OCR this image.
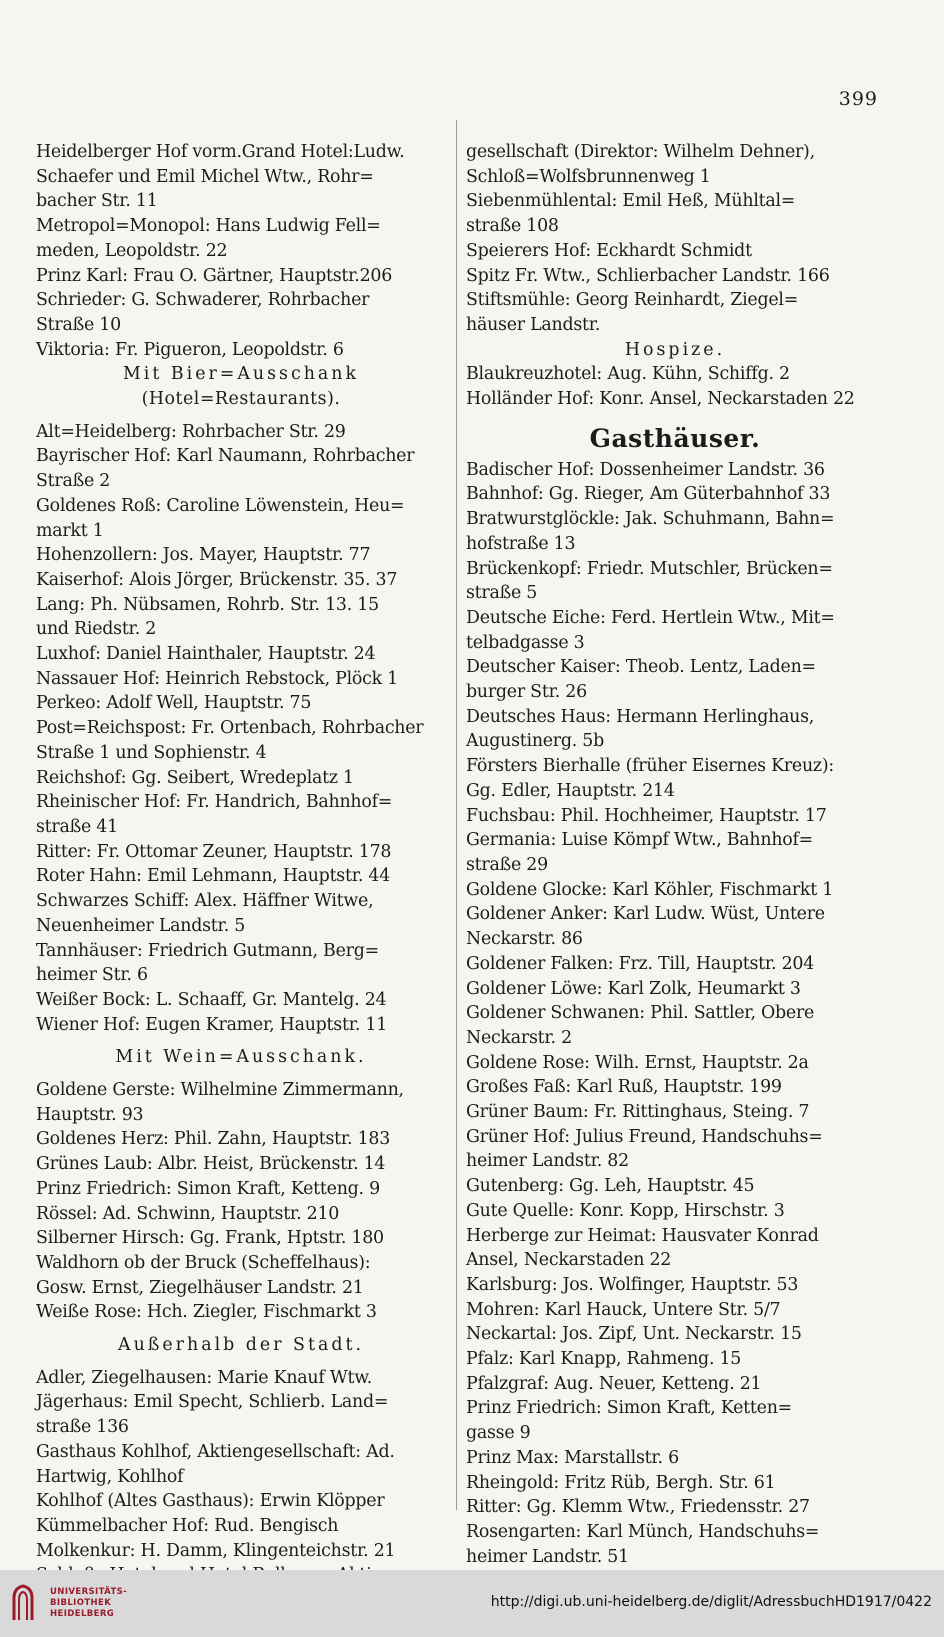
399
Heidelberger Hof vorm.Grand Hotel:Ludw.
Schaefer und Emil Michel Wtw., Rohr=
bacher Str. 11
Metropol=Monopol: Hans Ludwig Fell=
meden, Leopoldstr. 22
Prinz Karl: Frau O. Gärtner, Hauptstr.206
Schrieder: G. Schwaderer, Rohrbacher
Straße 10
Viktoria: Fr. Pigueron, Leopoldstr. 6
Mit Bier=Ausschank
(Hotel=Restaurants).
Alt=Heidelberg: Rohrbacher Str. 29
Bayrischer Hof: Karl Naumann, Rohrbacher
Straße 2
Goldenes Roß: Caroline Löwenstein, Heu=
markt 1
Hohenzollern: Jos. Mayer, Hauptstr. 77
Kaiserhof: Alois Jörger, Brückenstr. 35. 37
Lang: Ph. Nübsamen, Rohrb. Str. 13. 15
und Riedstr. 2
Luxhof: Daniel Hainthaler, Hauptstr. 24
Nassauer Hof: Heinrich Rebstock, Plöck 1
Perkeo: Adolf Well, Hauptstr. 75
Post=Reichspost: Fr. Ortenbach, Rohrbacher
Straße 1 und Sophienstr. 4
Reichshof: Gg. Seibert, Wredeplatz 1
Rheinischer Hof: Fr. Handrich, Bahnhof=
straße 41
Ritter: Fr. Ottomar Zeuner, Hauptstr. 178
Roter Hahn: Emil Lehmann, Hauptstr. 44
Schwarzes Schiff: Alex. Häffner Witwe,
Neuenheimer Landstr. 5
Tannhäuser: Friedrich Gutmann, Berg=
heimer Str. 6
Weißer Bock: L. Schaaff, Gr. Mantelg. 24
Wiener Hof: Eugen Kramer, Hauptstr. 11
Mit Wein=Ausschank.
Goldene Gerste: Wilhelmine Zimmermann,
Hauptstr. 93
Goldenes Herz: Phil. Zahn, Hauptstr. 183
Grünes Laub: Albr. Heist, Brückenstr. 14
Prinz Friedrich: Simon Kraft, Ketteng. 9
Rössel: Ad. Schwinn, Hauptstr. 210
Silberner Hirsch: Gg. Frank, Hptstr. 180
Waldhorn ob der Bruck (Scheffelhaus):
Gosw. Ernst, Ziegelhäuser Landstr. 21
Weiße Rose: Hch. Ziegler, Fischmarkt 3
Außerhalb der Stadt.
Adler, Ziegelhausen: Marie Knauf Wtw.
Jägerhaus: Emil Specht, Schlierb. Land=
straße 136
Gasthaus Kohlhof, Aktiengesellschaft: Ad.
Hartwig, Kohlhof
Kohlhof (Altes Gasthaus): Erwin Klöpper
Kümmelbacher Hof: Rud. Bengisch
Molkenkur: H. Damm, Klingenteichstr. 21
gesellschaft (Direktor: Wilhelm Dehner),
Schloß=Wolfsbrunnenweg 1
Siebenmühlental: Emil Heß, Mühltal=
straße 108
Speierers Hof: Eckhardt Schmidt
Spitz Fr. Wtw., Schlierbacher Landstr. 166
Stiftsmühle: Georg Reinhardt, Ziegel=
häuser Landstr.
Hospize.
Blaukreuzhotel: Aug. Kühn, Schiffg. 2
Holländer Hof: Konr. Ansel, Neckarstaden 22
Gasthäuser.
Badischer Hof: Dossenheimer Landstr. 36
Bahnhof: Gg. Rieger, Am Güterbahnhof 33
Bratwurstglöckle: Jak. Schuhmann, Bahn=
hofstraße 13
Brückenkopf: Friedr. Mutschler, Brücken=
straße 5
Deutsche Eiche: Ferd. Hertlein Wtw., Mit=
telbadgasse 3
Deutscher Kaiser: Theob. Lentz, Laden=
burger Str. 26
Deutsches Haus: Hermann Herlinghaus,
Augustinerg. 5b
Försters Bierhalle (früher Eisernes Kreuz):
Gg. Edler, Hauptstr. 214
Fuchsbau: Phil. Hochheimer, Hauptstr. 17
Germania: Luise Kömpf Wtw., Bahnhof=
straße 29
Goldene Glocke: Karl Köhler, Fischmarkt 1
Goldener Anker: Karl Ludw. Wüst, Untere
Neckarstr. 86
Goldener Falken: Frz. Till, Hauptstr. 204
Goldener Löwe: Karl Zolk, Heumarkt 3
Goldener Schwanen: Phil. Sattler, Obere
Neckarstr. 2
Goldene Rose: Wilh. Ernst, Hauptstr. 2a
Großes Faß: Karl Ruß, Hauptstr. 199
Grüner Baum: Fr. Rittinghaus, Steing. 7
Grüner Hof: Julius Freund, Handschuhs=
heimer Landstr. 82
Gutenberg: Gg. Leh, Hauptstr. 45
Gute Quelle: Konr. Kopp, Hirschstr. 3
Herberge zur Heimat: Hausvater Konrad
Ansel, Neckarstaden 22
Karlsburg: Jos. Wolfinger, Hauptstr. 53
Mohren: Karl Hauck, Untere Str. 5/7
Neckartal: Jos. Zipf, Unt. Neckarstr. 15
Pfalz: Karl Knapp, Rahmeng. 15
Pfalzgraf: Aug. Neuer, Ketteng. 21
Prinz Friedrich: Simon Kraft, Ketten=
gasse 9
Prinz Max: Marstallstr. 6
Rheingold: Fritz Rüb, Bergh. Str. 61
Ritter: Gg. Klemm Wtw., Friedensstr. 27
Rosengarten: Karl Münch, Handschuhs=
heimer Landstr. 51
UNIVERSITÄTS-
BIBLIOTHEK
HEIDELBERG
http://digi.ub.uni-heidelberg.de/diglit/AdressbuchHD1917/0422
